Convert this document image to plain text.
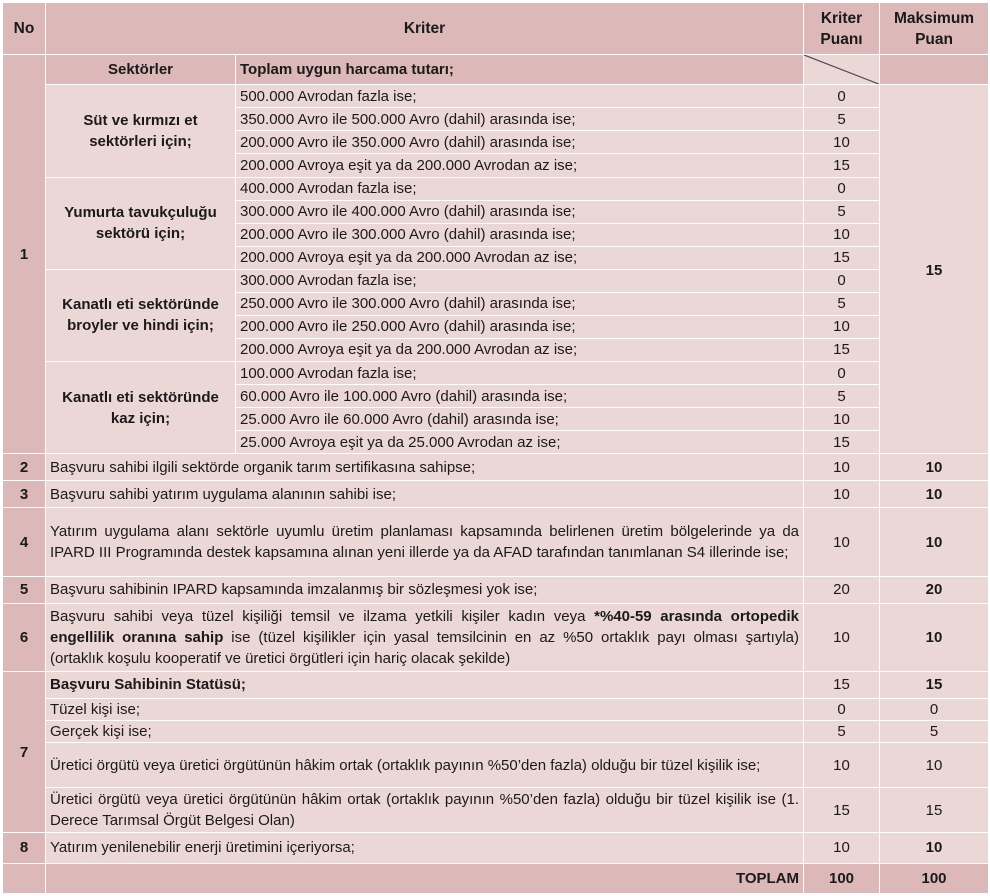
No	Kriter		Kriter Puanı	Maksimum Puan
1	Sektörler	Toplam uygun harcama tutarı;	

	Süt ve kırmızı et sektörleri için;	500.000 Avrodan fazla ise;	0	15
		350.000 Avro ile 500.000 Avro (dahil) arasında ise;	5	
		200.000 Avro ile 350.000 Avro (dahil) arasında ise;	10	
		200.000 Avroya eşit ya da 200.000 Avrodan az ise;	15	
	Yumurta tavukçuluğu sektörü için;	400.000 Avrodan fazla ise;	0	
		300.000 Avro ile 400.000 Avro (dahil) arasında ise;	5	
		200.000 Avro ile 300.000 Avro (dahil) arasında ise;	10	
		200.000 Avroya eşit ya da 200.000 Avrodan az ise;	15	
	Kanatlı eti sektöründe broyler ve hindi için;	300.000 Avrodan fazla ise;	0	
		250.000 Avro ile 300.000 Avro (dahil) arasında ise;	5	
		200.000 Avro ile 250.000 Avro (dahil) arasında ise;	10	
		200.000 Avroya eşit ya da 200.000 Avrodan az ise;	15	
	Kanatlı eti sektöründe kaz için;	100.000 Avrodan fazla ise;	0	
		60.000 Avro ile 100.000 Avro (dahil) arasında ise;	5	
		25.000 Avro ile 60.000 Avro (dahil) arasında ise;	10	
		25.000 Avroya eşit ya da 25.000 Avrodan az ise;	15	
2	Başvuru sahibi ilgili sektörde organik tarım sertifikasına sahipse;		10	10
3	Başvuru sahibi yatırım uygulama alanının sahibi ise;		10	10
4	Yatırım uygulama alanı sektörle uyumlu üretim planlaması kapsamında belirlenen üretim bölgelerinde ya da IPARD III Programında destek kapsamına alınan yeni illerde ya da AFAD tarafından tanımlanan S4 illerinde ise;		10	10
5	Başvuru sahibinin IPARD kapsamında imzalanmış bir sözleşmesi yok ise;		20	20
6	Başvuru sahibi veya tüzel kişiliği temsil ve ilzama yetkili kişiler kadın veya *%40-59 arasında ortopedik engellilik oranına sahip ise (tüzel kişilikler için yasal temsilcinin en az %50 ortaklık payı olması şartıyla) (ortaklık koşulu kooperatif ve üretici örgütleri için hariç olacak şekilde)		10	10
7	Başvuru Sahibinin Statüsü;		15	15
	Tüzel kişi ise;		0	0
	Gerçek kişi ise;		5	5
	Üretici örgütü veya üretici örgütünün hâkim ortak (ortaklık payının %50’den fazla) olduğu bir tüzel kişilik ise;		10	10
	Üretici örgütü veya üretici örgütünün hâkim ortak (ortaklık payının %50’den fazla) olduğu bir tüzel kişilik ise (1. Derece Tarımsal Örgüt Belgesi Olan)		15	15
8	Yatırım yenilenebilir enerji üretimini içeriyorsa;		10	10
	TOPLAM		100	100
